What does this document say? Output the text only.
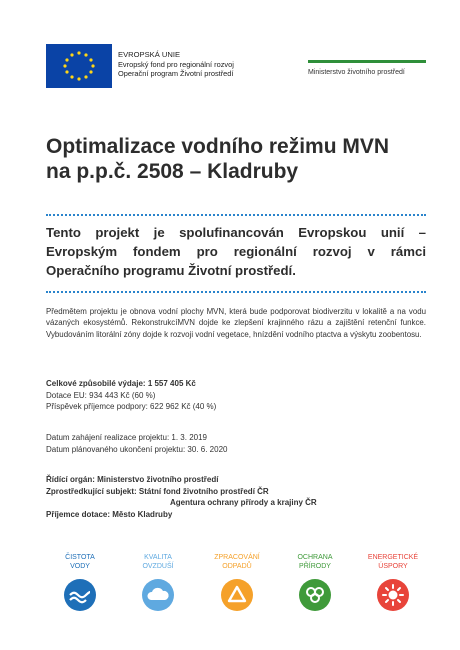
EVROPSKÁ UNIE
Evropský fond pro regionální rozvoj
Operační program Životní prostředí	Ministerstvo životního prostředí
Optimalizace vodního režimu MVN
na p.p.č. 2508 – Kladruby

Tento projekt je spolufinancován Evropskou unií – Evropským fondem pro regionální rozvoj v rámci Operačního programu Životní prostředí.

Předmětem projektu je obnova vodní plochy MVN, která bude podporovat biodiverzitu v lokalitě a na vodu vázaných ekosystémů. RekonstrukcíMVN dojde ke zlepšení krajinného rázu a zajištění retenční funkce. Vybudováním litorální zóny dojde k rozvoji vodní vegetace, hnízdění vodního ptactva a výskytu zoobentosu.

Celkové způsobilé výdaje: 1 557 405 Kč
Dotace EU: 934 443 Kč (60 %)
Příspěvek příjemce podpory: 622 962 Kč (40 %)
Datum zahájení realizace projektu: 1. 3. 2019
Datum plánovaného ukončení projektu: 30. 6. 2020
Řídící orgán: Ministerstvo životního prostředí
Zprostředkující subjekt: Státní fond životního prostředí ČR
Agentura ochrany přírody a krajiny ČR
Příjemce dotace: Město Kladruby
ČISTOTA
VODY
KVALITA
OVZDUŠÍ
ZPRACOVÁNÍ
ODPADŮ
OCHRANA
PŘÍRODY
ENERGETICKÉ
ÚSPORY
